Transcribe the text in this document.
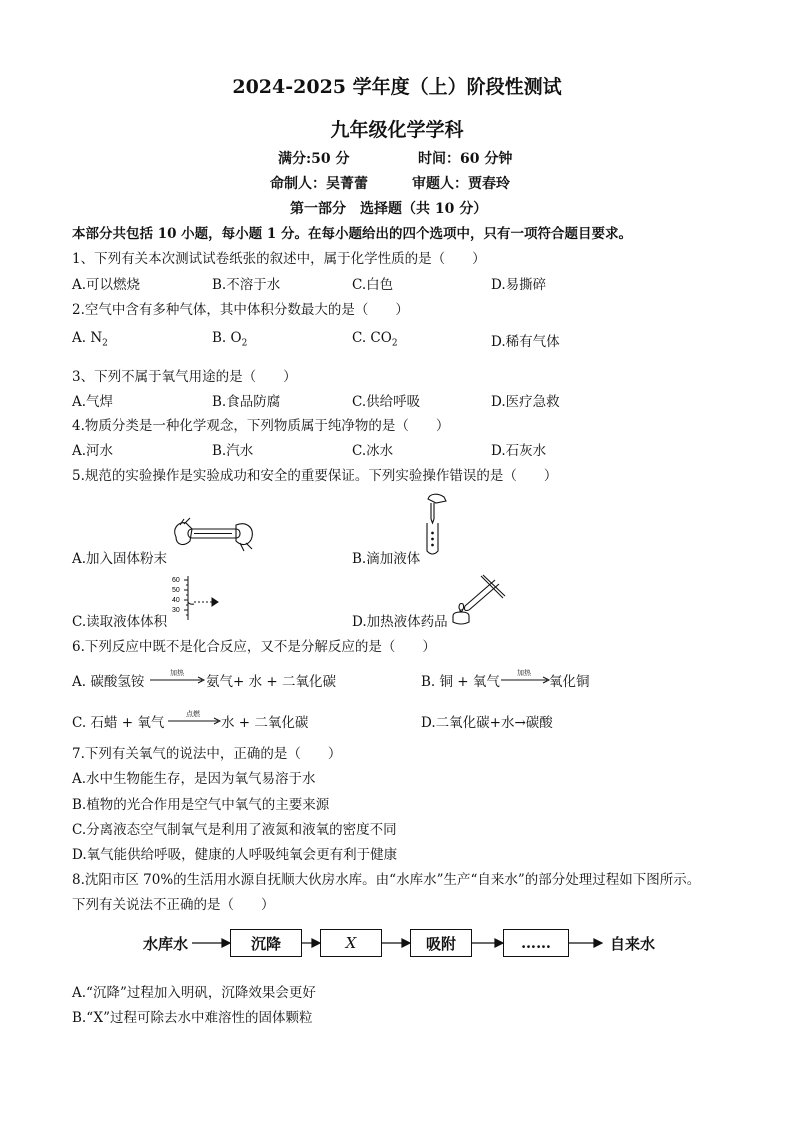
2024-2025 学年度（上）阶段性测试
九年级化学学科
满分:50 分	时间：60 分钟
命制人：吴菁蕾	审题人：贾春玲
第一部分　选择题（共 10 分）
本部分共包括 10 小题，每小题 1 分。在每小题给出的四个选项中，只有一项符合题目要求。
1、下列有关本次测试试卷纸张的叙述中，属于化学性质的是（　　）
A.可以燃烧	B.不溶于水	C.白色	D.易撕碎
2.空气中含有多种气体，其中体积分数最大的是（　　）
A. $N_2$	B. $O_2$	C. $CO_2$	D.稀有气体
3、下列不属于氧气用途的是（　　）
A.气焊	B.食品防腐	C.供给呼吸	D.医疗急救
4.物质分类是一种化学观念，下列物质属于纯净物的是（　　）
A.河水	B.汽水	C.冰水	D.石灰水
5.规范的实验操作是实验成功和安全的重要保证。下列实验操作错误的是（　　）
A.加入固体粉末	B.滴加液体
60
50
40
30
C.读取液体体积	D.加热液体药品
6.下列反应中既不是化合反应，又不是分解反应的是（　　）
A. 碳酸氢铵
加热
氨气+ 水 + 二氧化碳	B. 铜 + 氧气
加热
氧化铜
C. 石蜡 + 氧气
点燃
水 + 二氧化碳	D.二氧化碳+水→碳酸
7.下列有关氧气的说法中，正确的是（　　）
A.水中生物能生存，是因为氧气易溶于水
B.植物的光合作用是空气中氧气的主要来源
C.分离液态空气制氧气是利用了液氮和液氧的密度不同
D.氧气能供给呼吸，健康的人呼吸纯氧会更有利于健康
8.沈阳市区 70%的生活用水源自抚顺大伙房水库。由“水库水”生产“自来水”的部分处理过程如下图所示。
下列有关说法不正确的是（　　）
水库水	沉降	X	吸附	……	自来水
A.“沉降”过程加入明矾，沉降效果会更好
B.“X”过程可除去水中难溶性的固体颗粒
